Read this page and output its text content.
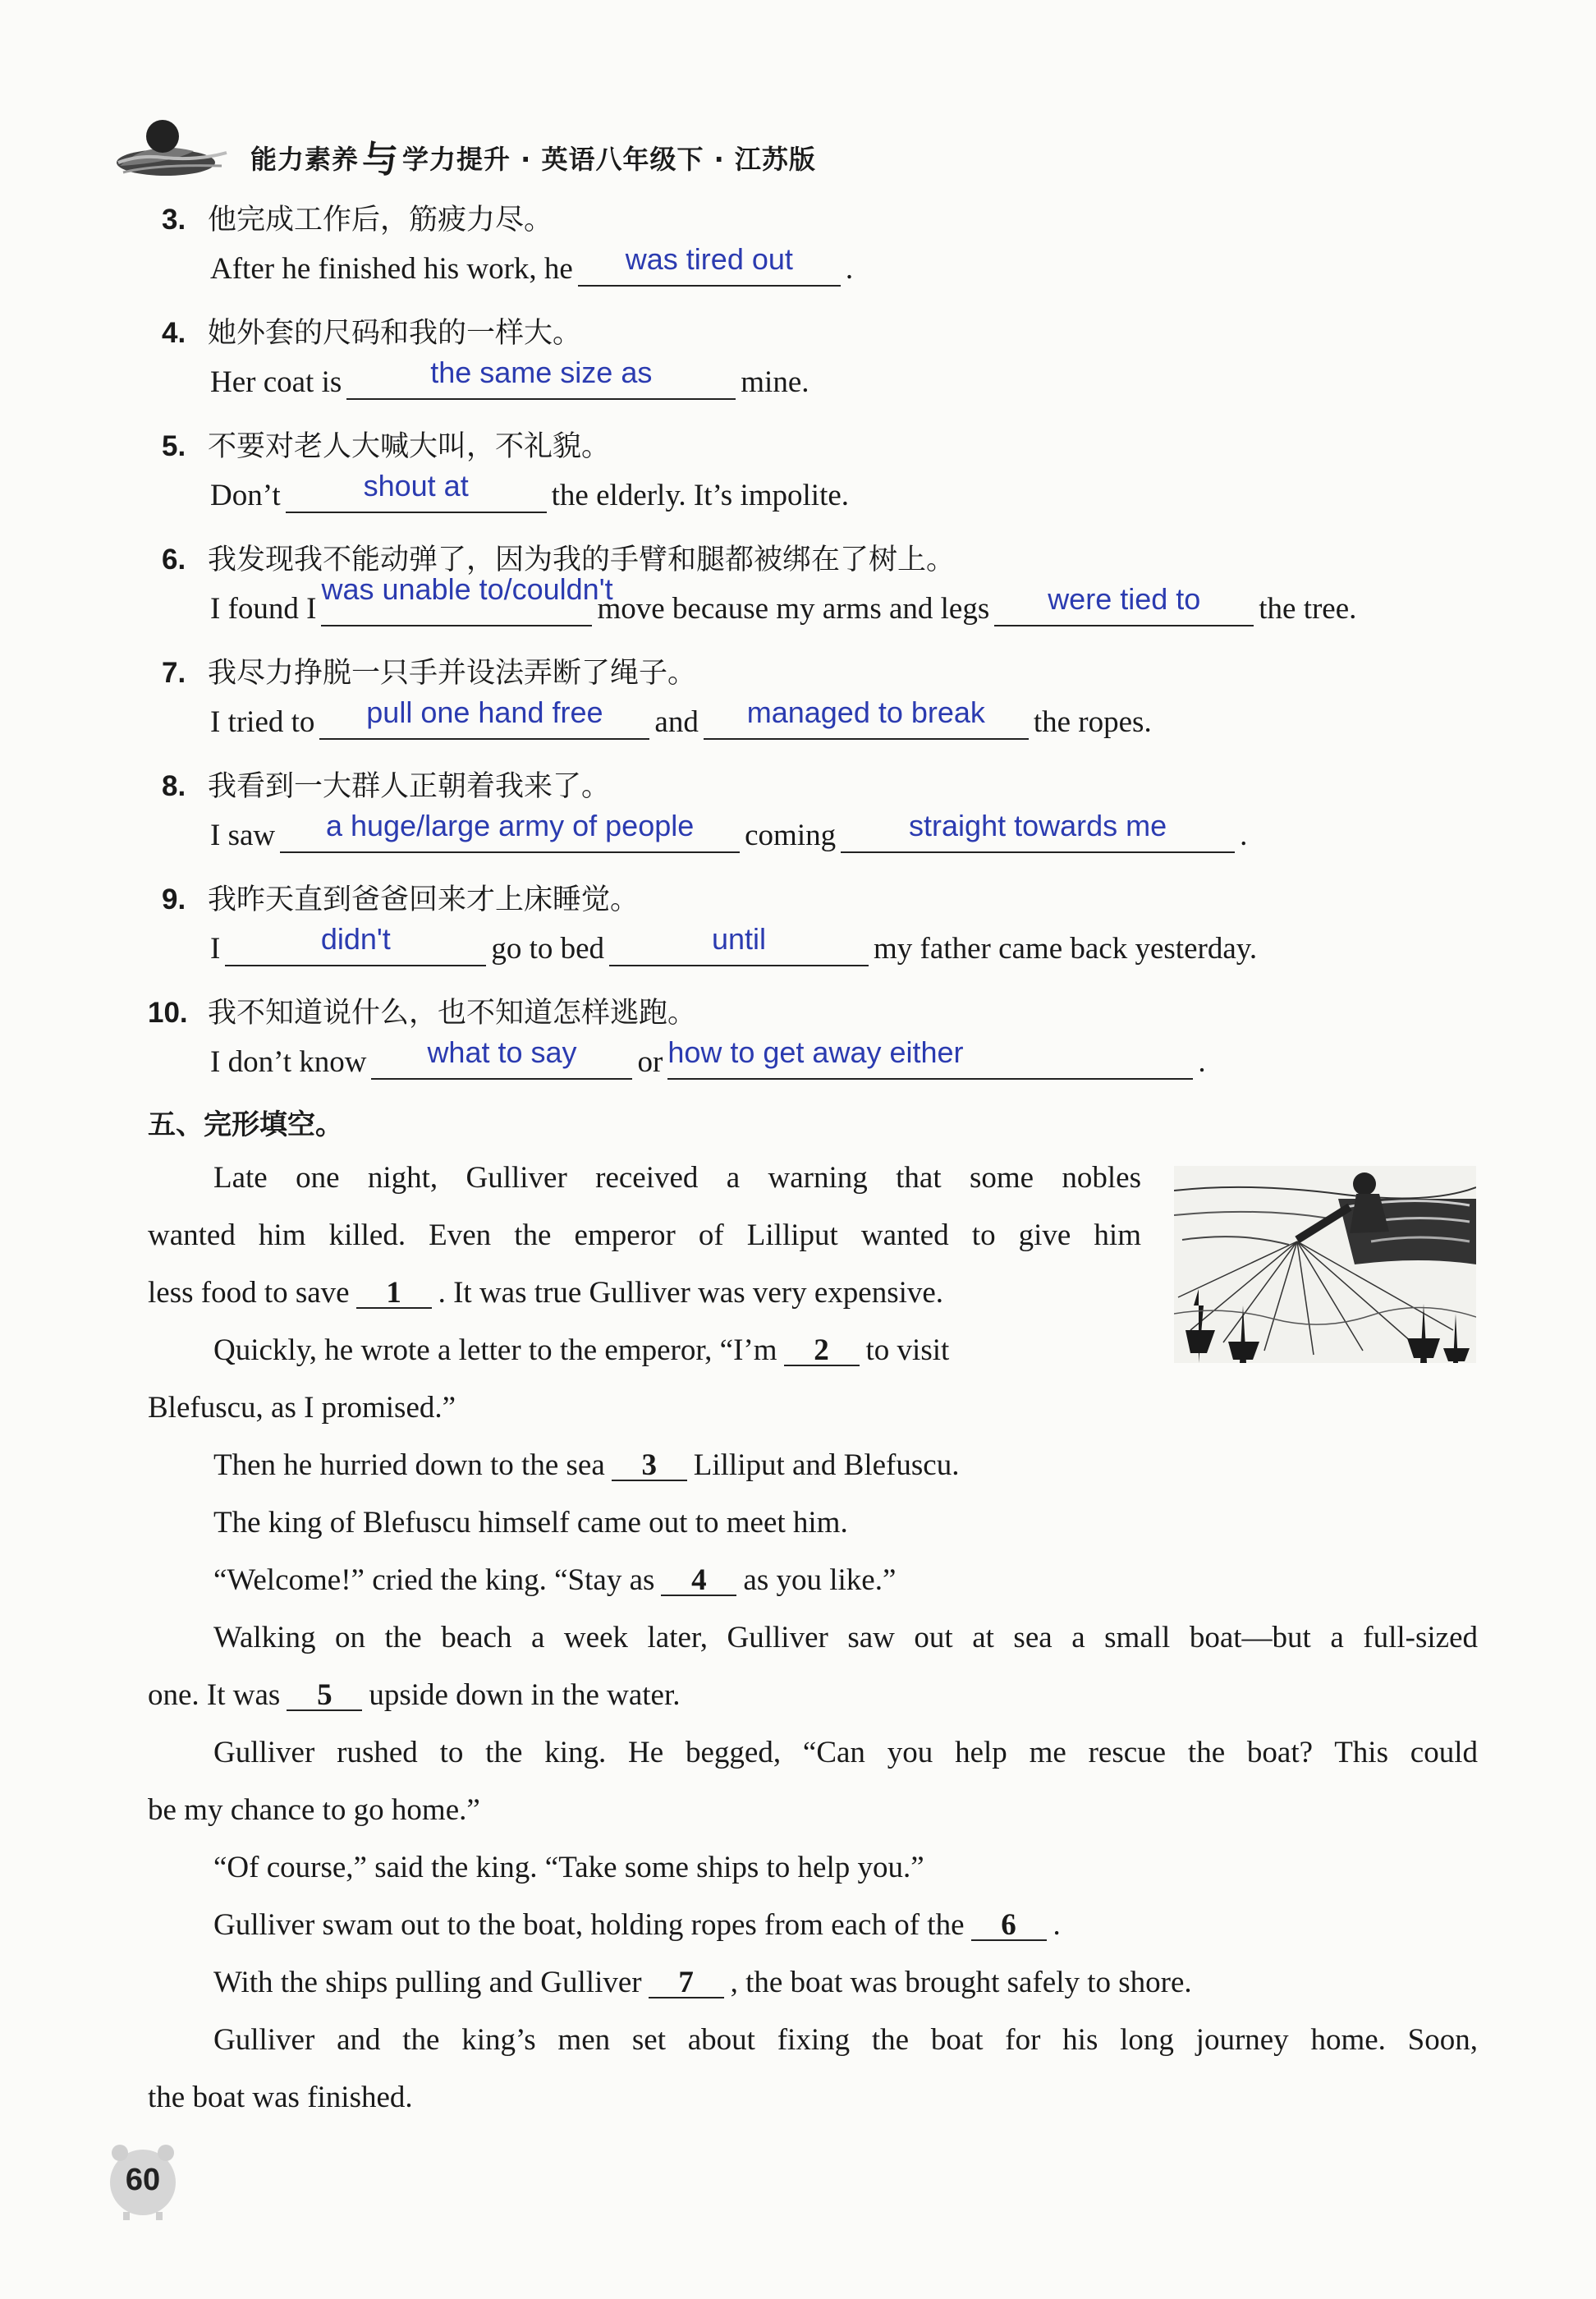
能力素养与 学力提升 · 英语八年级下 · 江苏版
3. 他完成工作后，筋疲力尽。
After he finished his work, he	was tired out	.
4. 她外套的尺码和我的一样大。
Her coat is	the same size as	mine.
5. 不要对老人大喊大叫，不礼貌。
Don’t	shout at	the elderly. It’s impolite.
6. 我发现我不能动弹了，因为我的手臂和腿都被绑在了树上。
I found I
was unable to/couldn't
move because my arms and legs	were tied to	the tree.
7. 我尽力挣脱一只手并设法弄断了绳子。
I tried to	pull one hand free	and	managed to break	the ropes.
8. 我看到一大群人正朝着我来了。
I saw	a huge/large army of people	coming	straight towards me	.
9. 我昨天直到爸爸回来才上床睡觉。
I	didn't	go to bed	until	my father came back yesterday.
10. 我不知道说什么，也不知道怎样逃跑。
I don’t know	what to say	or how to get away either	.
五、完形填空。
Late one night, Gulliver received a warning that some nobles
wanted him killed. Even the emperor of Lilliput wanted to give him
less food to save 1 . It was true Gulliver was very expensive.
Quickly, he wrote a letter to the emperor, “I’m 2 to visit
Blefuscu, as I promised.”
Then he hurried down to the sea 3 Lilliput and Blefuscu.
The king of Blefuscu himself came out to meet him.
“Welcome!” cried the king. “Stay as 4 as you like.”
Walking on the beach a week later, Gulliver saw out at sea a small boat—but a full-sized
one. It was 5 upside down in the water.
Gulliver rushed to the king. He begged, “Can you help me rescue the boat? This could
be my chance to go home.”
“Of course,” said the king. “Take some ships to help you.”
Gulliver swam out to the boat, holding ropes from each of the 6 .
With the ships pulling and Gulliver 7 , the boat was brought safely to shore.
Gulliver and the king’s men set about fixing the boat for his long journey home. Soon,
the boat was finished.
60
